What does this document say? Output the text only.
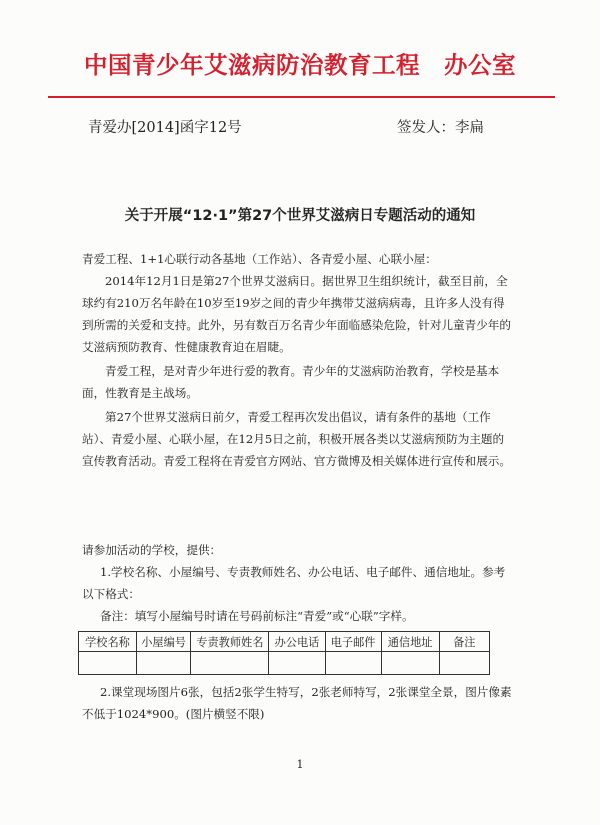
中国青少年艾滋病防治教育工程　办公室
青爱办[2014]函字12号	签发人：李扁
关于开展“12·1”第27个世界艾滋病日专题活动的通知

青爱工程、1+1心联行动各基地（工作站）、各青爱小屋、心联小屋：

2014年12月1日是第27个世界艾滋病日。据世界卫生组织统计，截至目前，全球约有210万名年龄在10岁至19岁之间的青少年携带艾滋病病毒，且许多人没有得到所需的关爱和支持。此外，另有数百万名青少年面临感染危险，针对儿童青少年的艾滋病预防教育、性健康教育迫在眉睫。

青爱工程，是对青少年进行爱的教育。青少年的艾滋病防治教育，学校是基本面，性教育是主战场。

第27个世界艾滋病日前夕，青爱工程再次发出倡议，请有条件的基地（工作站）、青爱小屋、心联小屋，在12月5日之前，积极开展各类以艾滋病预防为主题的宣传教育活动。青爱工程将在青爱官方网站、官方微博及相关媒体进行宣传和展示。

请参加活动的学校，提供：

1.学校名称、小屋编号、专责教师姓名、办公电话、电子邮件、通信地址。参考以下格式：

备注：填写小屋编号时请在号码前标注“青爱”或“心联”字样。

学校名称	小屋编号	专责教师姓名	办公电话	电子邮件	通信地址	备注

2.课堂现场图片6张，包括2张学生特写，2张老师特写，2张课堂全景，图片像素不低于1024*900。(图片横竖不限)

1
